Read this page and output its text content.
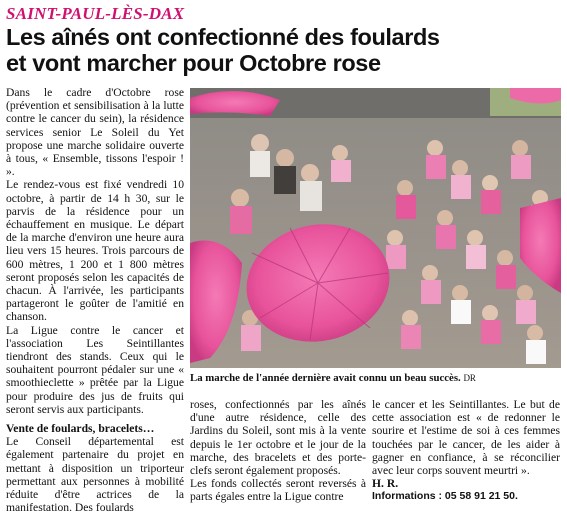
SAINT-PAUL-LÈS-DAX
Les aînés ont confectionné des foulards
et vont marcher pour Octobre rose

Dans le cadre d'Octobre rose (prévention et sensibilisation à la lutte contre le cancer du sein), la résidence services senior Le Soleil du Yet propose une marche solidaire ouverte à tous, « Ensemble, tissons l'espoir ! ».

Le rendez-vous est fixé vendredi 10 octobre, à partir de 14 h 30, sur le parvis de la résidence pour un échauffement en musique. Le départ de la marche d'environ une heure aura lieu vers 15 heures. Trois parcours de 600 mètres, 1 200 et 1 800 mètres seront proposés selon les capacités de chacun. À l'arrivée, les participants partageront le goûter de l'amitié en chanson.

La Ligue contre le cancer et l'association Les Seintillantes tiendront des stands. Ceux qui le souhaitent pourront pédaler sur une « smoothieclette » prêtée par la Ligue pour produire des jus de fruits qui seront servis aux participants.

Vente de foulards, bracelets…

Le Conseil départemental est également partenaire du projet en mettant à disposition un triporteur permettant aux personnes à mobilité réduite d'être actrices de la manifestation. Des foulards

La marche de l'année dernière avait connu un beau succès. DR

roses, confectionnés par les aînés d'une autre résidence, celle des Jardins du Soleil, sont mis à la vente depuis le 1er octobre et le jour de la marche, des bracelets et des porte-clefs seront également proposés.

Les fonds collectés seront reversés à parts égales entre la Ligue contre

le cancer et les Seintillantes. Le but de cette association est « de redonner le sourire et l'estime de soi à ces femmes touchées par le cancer, de les aider à gagner en confiance, à se réconcilier avec leur corps souvent meurtri ».

H. R.

Informations : 05 58 91 21 50.
